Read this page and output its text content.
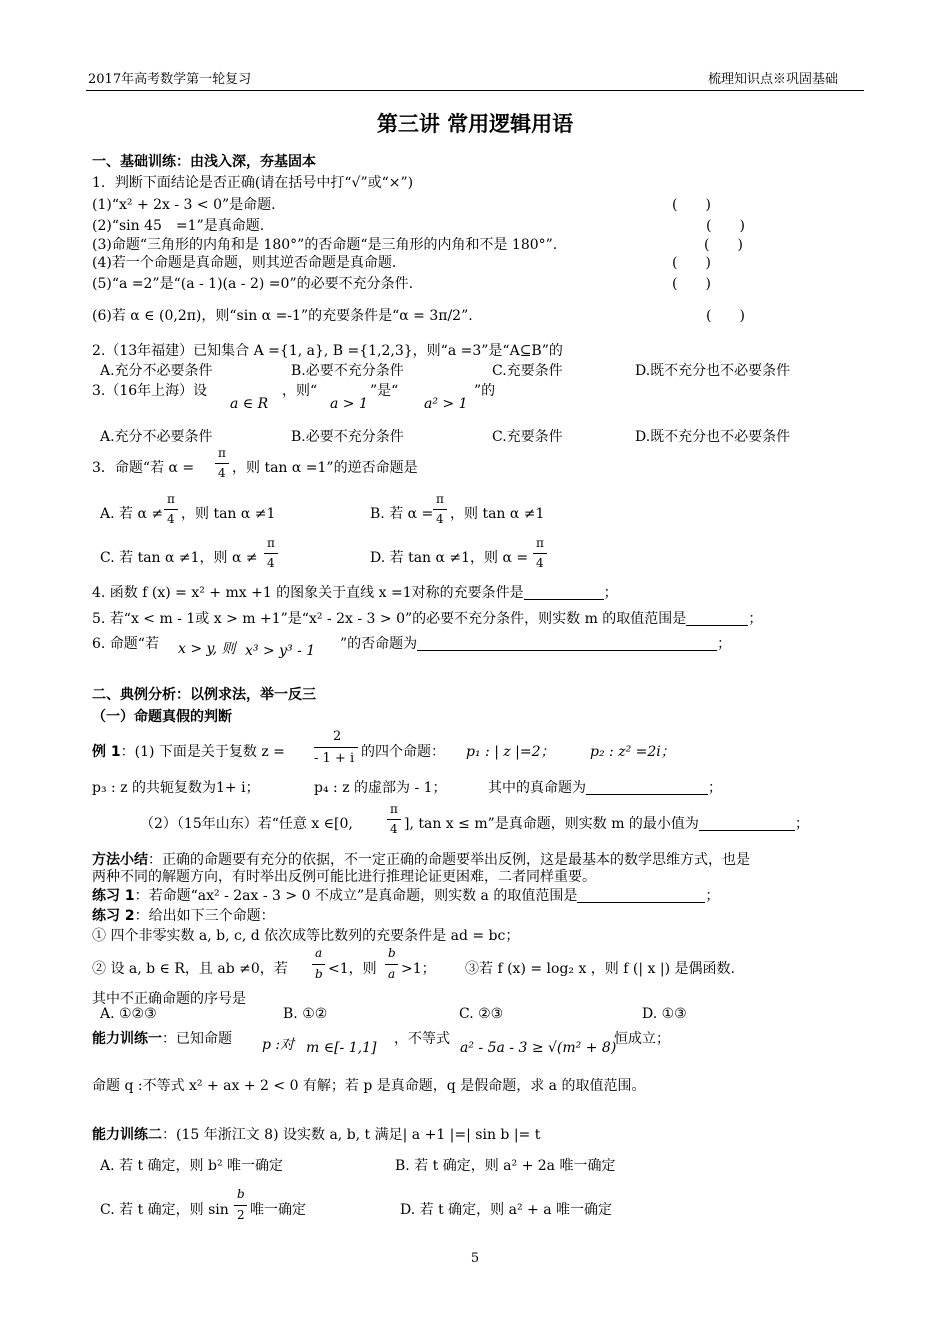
2017年高考数学第一轮复习	梳理知识点※巩固基础
第三讲 常用逻辑用语
一、基础训练：由浅入深，夯基固本
1．判断下面结论是否正确(请在括号中打“√”或“×”)
(1)“x² + 2x - 3 < 0”是命题.	(　　)
(2)“sin 45　=1”是真命题.	(　　)
(3)命题“三角形的内角和是 180°”的否命题“是三角形的内角和不是 180°”.	(　　)
(4)若一个命题是真命题，则其逆否命题是真命题.	(　　)
(5)“a =2”是“(a - 1)(a - 2) =0”的必要不充分条件.	(　　)
(6)若 α ∈ (0,2π)，则“sin α =-1”的充要条件是“α = 3π/2”.	(　　)
2.（13年福建）已知集合 A ={1, a}, B ={1,2,3}，则“a =3”是“A⊆B”的
A.充分不必要条件	B.必要不充分条件	C.充要条件	D.既不充分也不必要条件
3.（16年上海）设
a ∈ R
，则“
a > 1
”是“
a² > 1
”的
A.充分不必要条件	B.必要不充分条件	C.充要条件	D.既不充分也不必要条件
3．命题“若 α =
π
4 ，则 tan α =1”的逆否命题是
A. 若 α ≠
π
4 ，则 tan α ≠1	B. 若 α =
π
4 ，则 tan α ≠1
C. 若 tan α ≠1，则 α ≠
π
4	D. 若 tan α ≠1，则 α =
π
4
4. 函数 f (x) = x² + mx +1 的图象关于直线 x =1对称的充要条件是	；
5. 若“x < m - 1或 x > m +1”是“x² - 2x - 3 > 0”的必要不充分条件，则实数 m 的取值范围是	；
6. 命题“若 x > y, 则 x³ > y³ - 1 ”的否命题为	；
二、典例分析：以例求法，举一反三
（一）命题真假的判断
例 1：(1) 下面是关于复数 z =
2
- 1 + i 的四个命题： p₁ : | z |=2；	p₂ : z² =2i；
p₃ : z 的共轭复数为1+ i；	p₄ : z 的虚部为 - 1；	其中的真命题为	；
（2）（15年山东）若“任意 x ∈[0,
π
4 ], tan x ≤ m”是真命题，则实数 m 的最小值为	；
方法小结：正确的命题要有充分的依据，不一定正确的命题要举出反例，这是最基本的数学思维方式，也是
两种不同的解题方向，有时举出反例可能比进行推理论证更困难，二者同样重要。
练习 1：若命题“ax² - 2ax - 3 > 0 不成立”是真命题，则实数 a 的取值范围是	；
练习 2：给出如下三个命题：
① 四个非零实数 a, b, c, d 依次成等比数列的充要条件是 ad = bc；
② 设 a, b ∈ R，且 ab ≠0，若
a
b <1，则
b
a >1； ③若 f (x) = log₂ x ，则 f (| x |) 是偶函数.
其中不正确命题的序号是
A. ①②③	B. ①②	C. ②③	D. ①③
能力训练一：已知命题 p :对 m ∈[- 1,1]
，不等式
a² - 5a - 3 ≥ √(m² + 8)
恒成立；
命题 q :不等式 x² + ax + 2 < 0 有解；若 p 是真命题，q 是假命题，求 a 的取值范围。
能力训练二：(15 年浙江文 8) 设实数 a, b, t 满足| a +1 |=| sin b |= t
A. 若 t 确定，则 b² 唯一确定	B. 若 t 确定，则 a² + 2a 唯一确定
C. 若 t 确定，则 sin
b
2 唯一确定	D. 若 t 确定，则 a² + a 唯一确定
5
